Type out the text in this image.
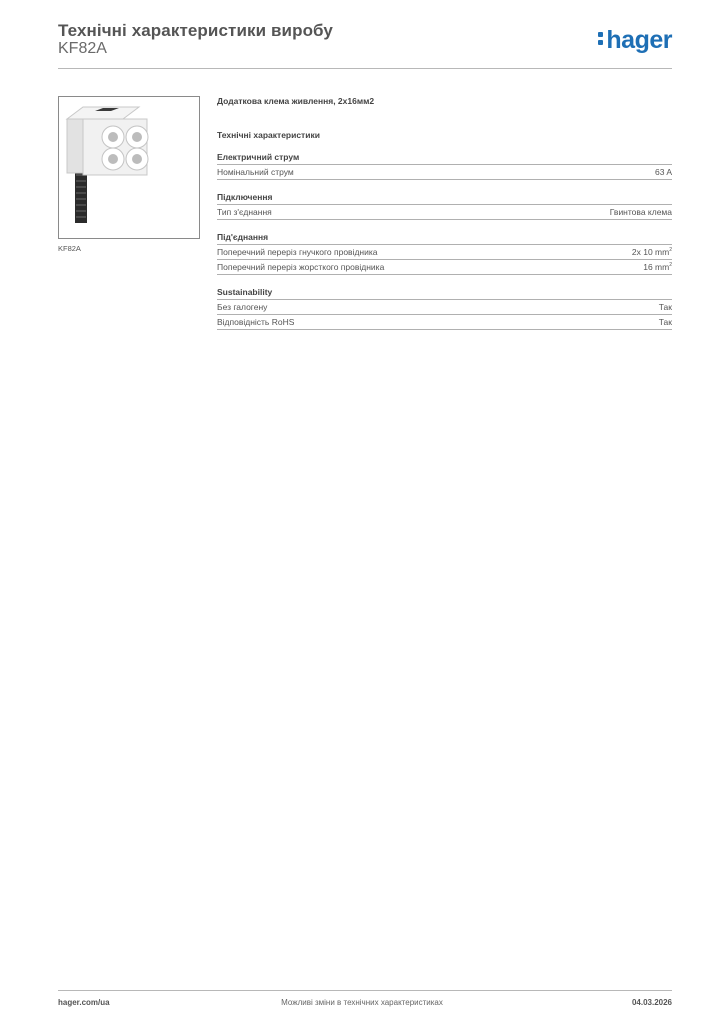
Технічні характеристики виробу
KF82A	hager
KF82A
Додаткова клема живлення, 2x16мм2
Технічні характеристики
Електричний струм
Номінальний струм	63 A
Підключення
Тип з'єднання	Гвинтова клема
Під'єднання
Поперечний переріз гнучкого провідника	2x 10 $mm^2$
Поперечний переріз жорсткого провідника	16 $mm^2$
Sustainability
Без галогену	Так
Відповідність RoHS	Так
hager.com/ua	Можливі зміни в технічних характеристиках	04.03.2026
